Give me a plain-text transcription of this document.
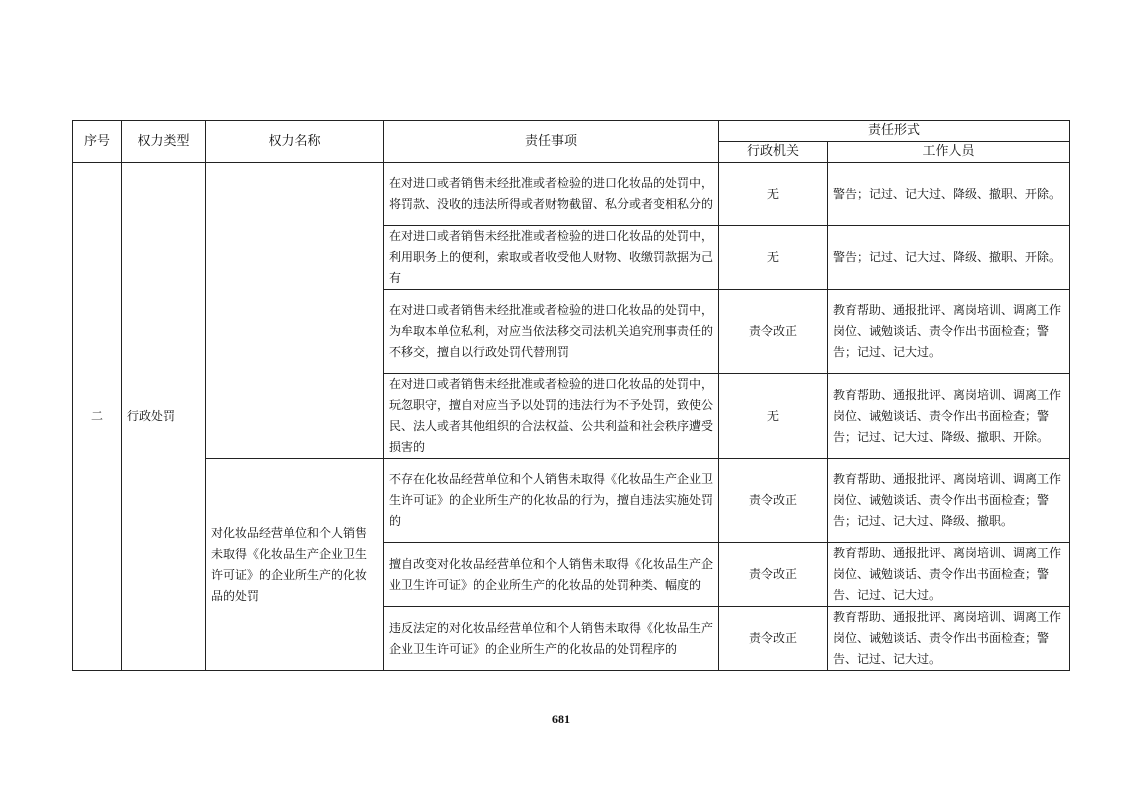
序号	权力类型	权力名称	责任事项	责任形式	
				行政机关	工作人员
二	行政处罚		在对进口或者销售未经批准或者检验的进口化妆品的处罚中，将罚款、没收的违法所得或者财物截留、私分或者变相私分的	无	警告；记过、记大过、降级、撤职、开除。
			在对进口或者销售未经批准或者检验的进口化妆品的处罚中，利用职务上的便利，索取或者收受他人财物、收缴罚款据为己有	无	警告；记过、记大过、降级、撤职、开除。
			在对进口或者销售未经批准或者检验的进口化妆品的处罚中，为牟取本单位私利，对应当依法移交司法机关追究刑事责任的不移交，擅自以行政处罚代替刑罚	责令改正	教育帮助、通报批评、离岗培训、调离工作岗位、诫勉谈话、责令作出书面检查；警告；记过、记大过。
			在对进口或者销售未经批准或者检验的进口化妆品的处罚中，玩忽职守，擅自对应当予以处罚的违法行为不予处罚，致使公民、法人或者其他组织的合法权益、公共利益和社会秩序遭受损害的	无	教育帮助、通报批评、离岗培训、调离工作岗位、诫勉谈话、责令作出书面检查；警告；记过、记大过、降级、撤职、开除。
		对化妆品经营单位和个人销售未取得《化妆品生产企业卫生许可证》的企业所生产的化妆品的处罚	不存在化妆品经营单位和个人销售未取得《化妆品生产企业卫生许可证》的企业所生产的化妆品的行为，擅自违法实施处罚的	责令改正	教育帮助、通报批评、离岗培训、调离工作岗位、诫勉谈话、责令作出书面检查；警告；记过、记大过、降级、撤职。
			擅自改变对化妆品经营单位和个人销售未取得《化妆品生产企业卫生许可证》的企业所生产的化妆品的处罚种类、幅度的	责令改正	教育帮助、通报批评、离岗培训、调离工作岗位、诫勉谈话、责令作出书面检查；警告、记过、记大过。
			违反法定的对化妆品经营单位和个人销售未取得《化妆品生产企业卫生许可证》的企业所生产的化妆品的处罚程序的	责令改正	教育帮助、通报批评、离岗培训、调离工作岗位、诫勉谈话、责令作出书面检查；警告、记过、记大过。
681
